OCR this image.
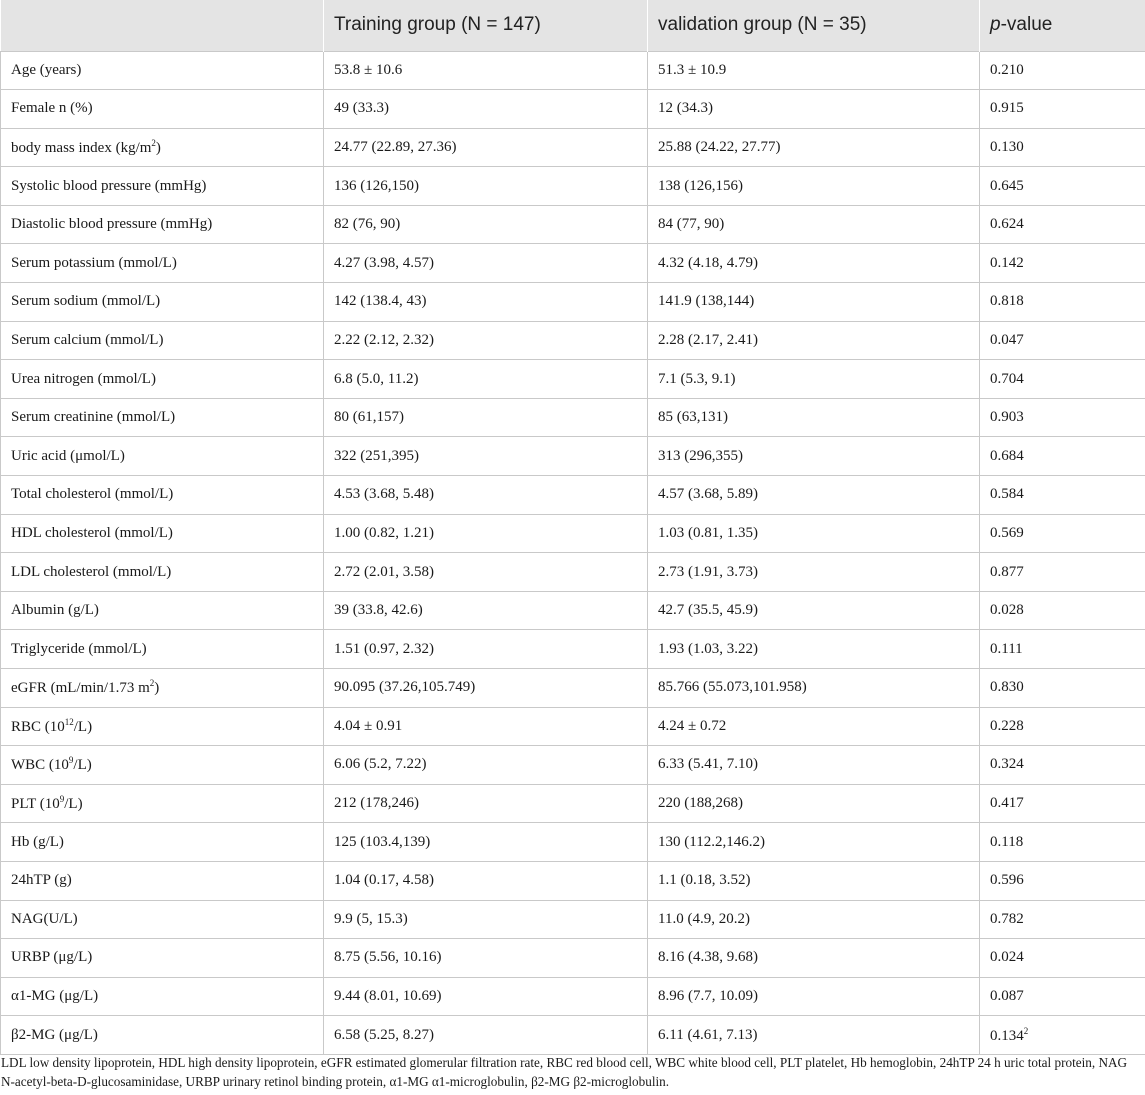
	Training group (N = 147)	validation group (N = 35)	p-value
Age (years)	53.8 ± 10.6	51.3 ± 10.9	0.210
Female n (%)	49 (33.3)	12 (34.3)	0.915
body mass index $(kg/m^2)$	24.77 (22.89, 27.36)	25.88 (24.22, 27.77)	0.130
Systolic blood pressure (mmHg)	136 (126,150)	138 (126,156)	0.645
Diastolic blood pressure (mmHg)	82 (76, 90)	84 (77, 90)	0.624
Serum potassium (mmol/L)	4.27 (3.98, 4.57)	4.32 (4.18, 4.79)	0.142
Serum sodium (mmol/L)	142 (138.4, 43)	141.9 (138,144)	0.818
Serum calcium (mmol/L)	2.22 (2.12, 2.32)	2.28 (2.17, 2.41)	0.047
Urea nitrogen (mmol/L)	6.8 (5.0, 11.2)	7.1 (5.3, 9.1)	0.704
Serum creatinine (mmol/L)	80 (61,157)	85 (63,131)	0.903
Uric acid (μmol/L)	322 (251,395)	313 (296,355)	0.684
Total cholesterol (mmol/L)	4.53 (3.68, 5.48)	4.57 (3.68, 5.89)	0.584
HDL cholesterol (mmol/L)	1.00 (0.82, 1.21)	1.03 (0.81, 1.35)	0.569
LDL cholesterol (mmol/L)	2.72 (2.01, 3.58)	2.73 (1.91, 3.73)	0.877
Albumin (g/L)	39 (33.8, 42.6)	42.7 (35.5, 45.9)	0.028
Triglyceride (mmol/L)	1.51 (0.97, 2.32)	1.93 (1.03, 3.22)	0.111
eGFR (mL/min/1.73 $m^2$)	90.095 (37.26,105.749)	85.766 (55.073,101.958)	0.830
RBC $(10^{12}/L)$	4.04 ± 0.91	4.24 ± 0.72	0.228
WBC $(10^9/L)$	6.06 (5.2, 7.22)	6.33 (5.41, 7.10)	0.324
PLT $(10^9/L)$	212 (178,246)	220 (188,268)	0.417
Hb (g/L)	125 (103.4,139)	130 (112.2,146.2)	0.118
24hTP (g)	1.04 (0.17, 4.58)	1.1 (0.18, 3.52)	0.596
NAG(U/L)	9.9 (5, 15.3)	11.0 (4.9, 20.2)	0.782
URBP (μg/L)	8.75 (5.56, 10.16)	8.16 (4.38, 9.68)	0.024
α1-MG (μg/L)	9.44 (8.01, 10.69)	8.96 (7.7, 10.09)	0.087
β2-MG (μg/L)	6.58 (5.25, 8.27)	6.11 (4.61, 7.13)	0.134$^2$
LDL low density lipoprotein, HDL high density lipoprotein, eGFR estimated glomerular filtration rate, RBC red blood cell, WBC white blood cell, PLT platelet, Hb hemoglobin, 24hTP 24 h uric total protein, NAG N-acetyl-beta-D-glucosaminidase, URBP urinary retinol binding protein, α1-MG α1-microglobulin, β2-MG β2-microglobulin.
